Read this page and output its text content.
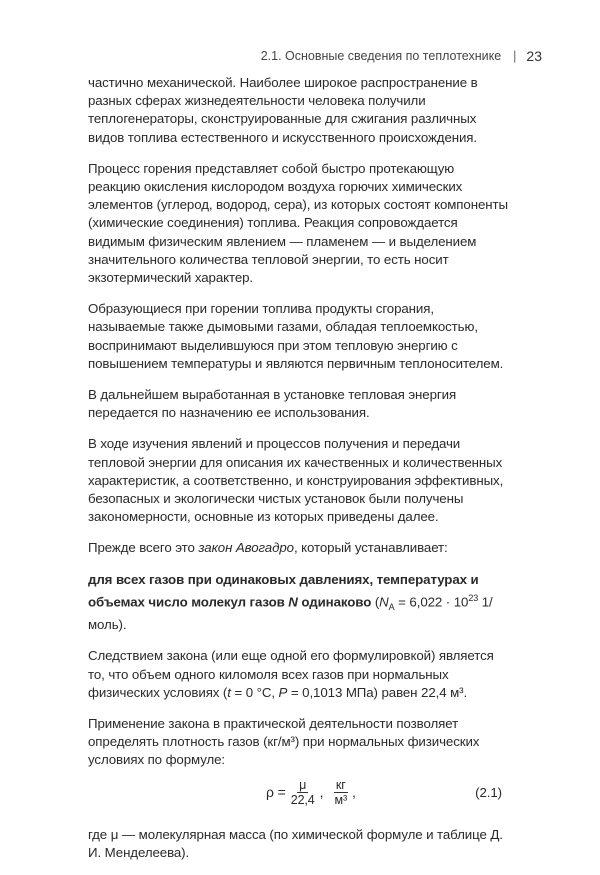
2.1. Основные сведения по теплотехнике | 23

частично механической. Наиболее широкое распространение в разных сферах жизнедеятельности человека получили теплогенераторы, сконструированные для сжигания различных видов топлива естественного и искусственного происхождения.

Процесс горения представляет собой быстро протекающую реакцию окисления кислородом воздуха горючих химических элементов (углерод, водород, сера), из которых состоят компоненты (химические соединения) топлива. Реакция сопровождается видимым физическим явлением — пламенем — и выделением значительного количества тепловой энергии, то есть носит экзотермический характер.

Образующиеся при горении топлива продукты сгорания, называемые также дымовыми газами, обладая теплоемкостью, воспринимают выделившуюся при этом тепловую энергию с повышением температуры и являются первичным теплоносителем.

В дальнейшем выработанная в установке тепловая энергия передается по назначению ее использования.

В ходе изучения явлений и процессов получения и передачи тепловой энергии для описания их качественных и количественных характеристик, а соответственно, и конструирования эффективных, безопасных и экологически чистых установок были получены закономерности, основные из которых приведены далее.

Прежде всего это закон Авогадро, который устанавливает:

для всех газов при одинаковых давлениях, температурах и объемах число молекул газов N одинаково ($N_A = 6,022 \cdot 10^{23}$ 1/моль).

Следствием закона (или еще одной его формулировкой) является то, что объем одного киломоля всех газов при нормальных физических условиях (t = 0 °C, P = 0,1013 МПа) равен 22,4 м³.

Применение закона в практической деятельности позволяет определять плотность газов (кг/м³) при нормальных физических условиях по формуле:

$\rho = \frac{\mu}{22,4}$ , $\frac{кг}{\text{м³}}$ ,	(2.1)

где μ — молекулярная масса (по химической формуле и таблице Д. И. Менделеева).
